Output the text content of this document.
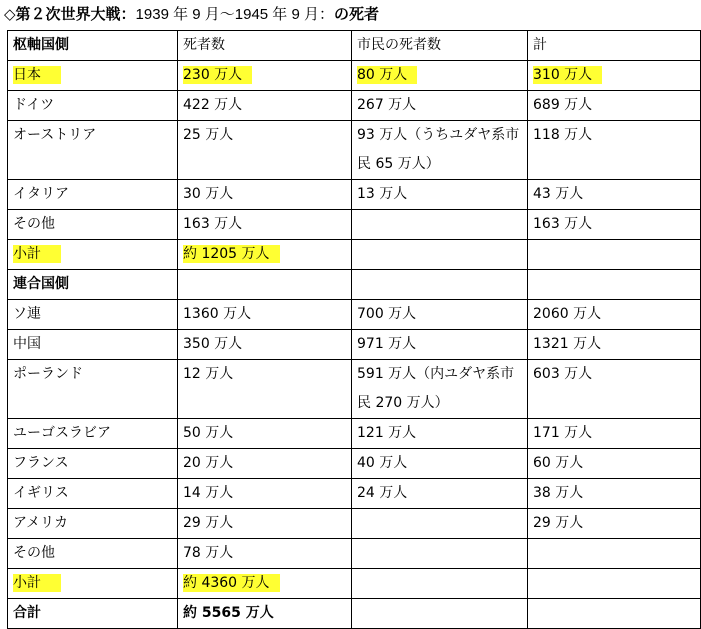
◇第２次世界大戦：1939 年 9 月～1945 年 9 月：の死者
枢軸国側	死者数	市民の死者数	計
日本	230 万人	80 万人	310 万人
ドイツ	422 万人	267 万人	689 万人
オーストリア	25 万人	93 万人（うちユダヤ系市民 65 万人）	118 万人
イタリア	30 万人	13 万人	43 万人
その他	163 万人		163 万人
小計	約 1205 万人		
連合国側			
ソ連	1360 万人	700 万人	2060 万人
中国	350 万人	971 万人	1321 万人
ポーランド	12 万人	591 万人（内ユダヤ系市民 270 万人）	603 万人
ユーゴスラビア	50 万人	121 万人	171 万人
フランス	20 万人	40 万人	60 万人
イギリス	14 万人	24 万人	38 万人
アメリカ	29 万人		29 万人
その他	78 万人		
小計	約 4360 万人		
合計	約 5565 万人		
